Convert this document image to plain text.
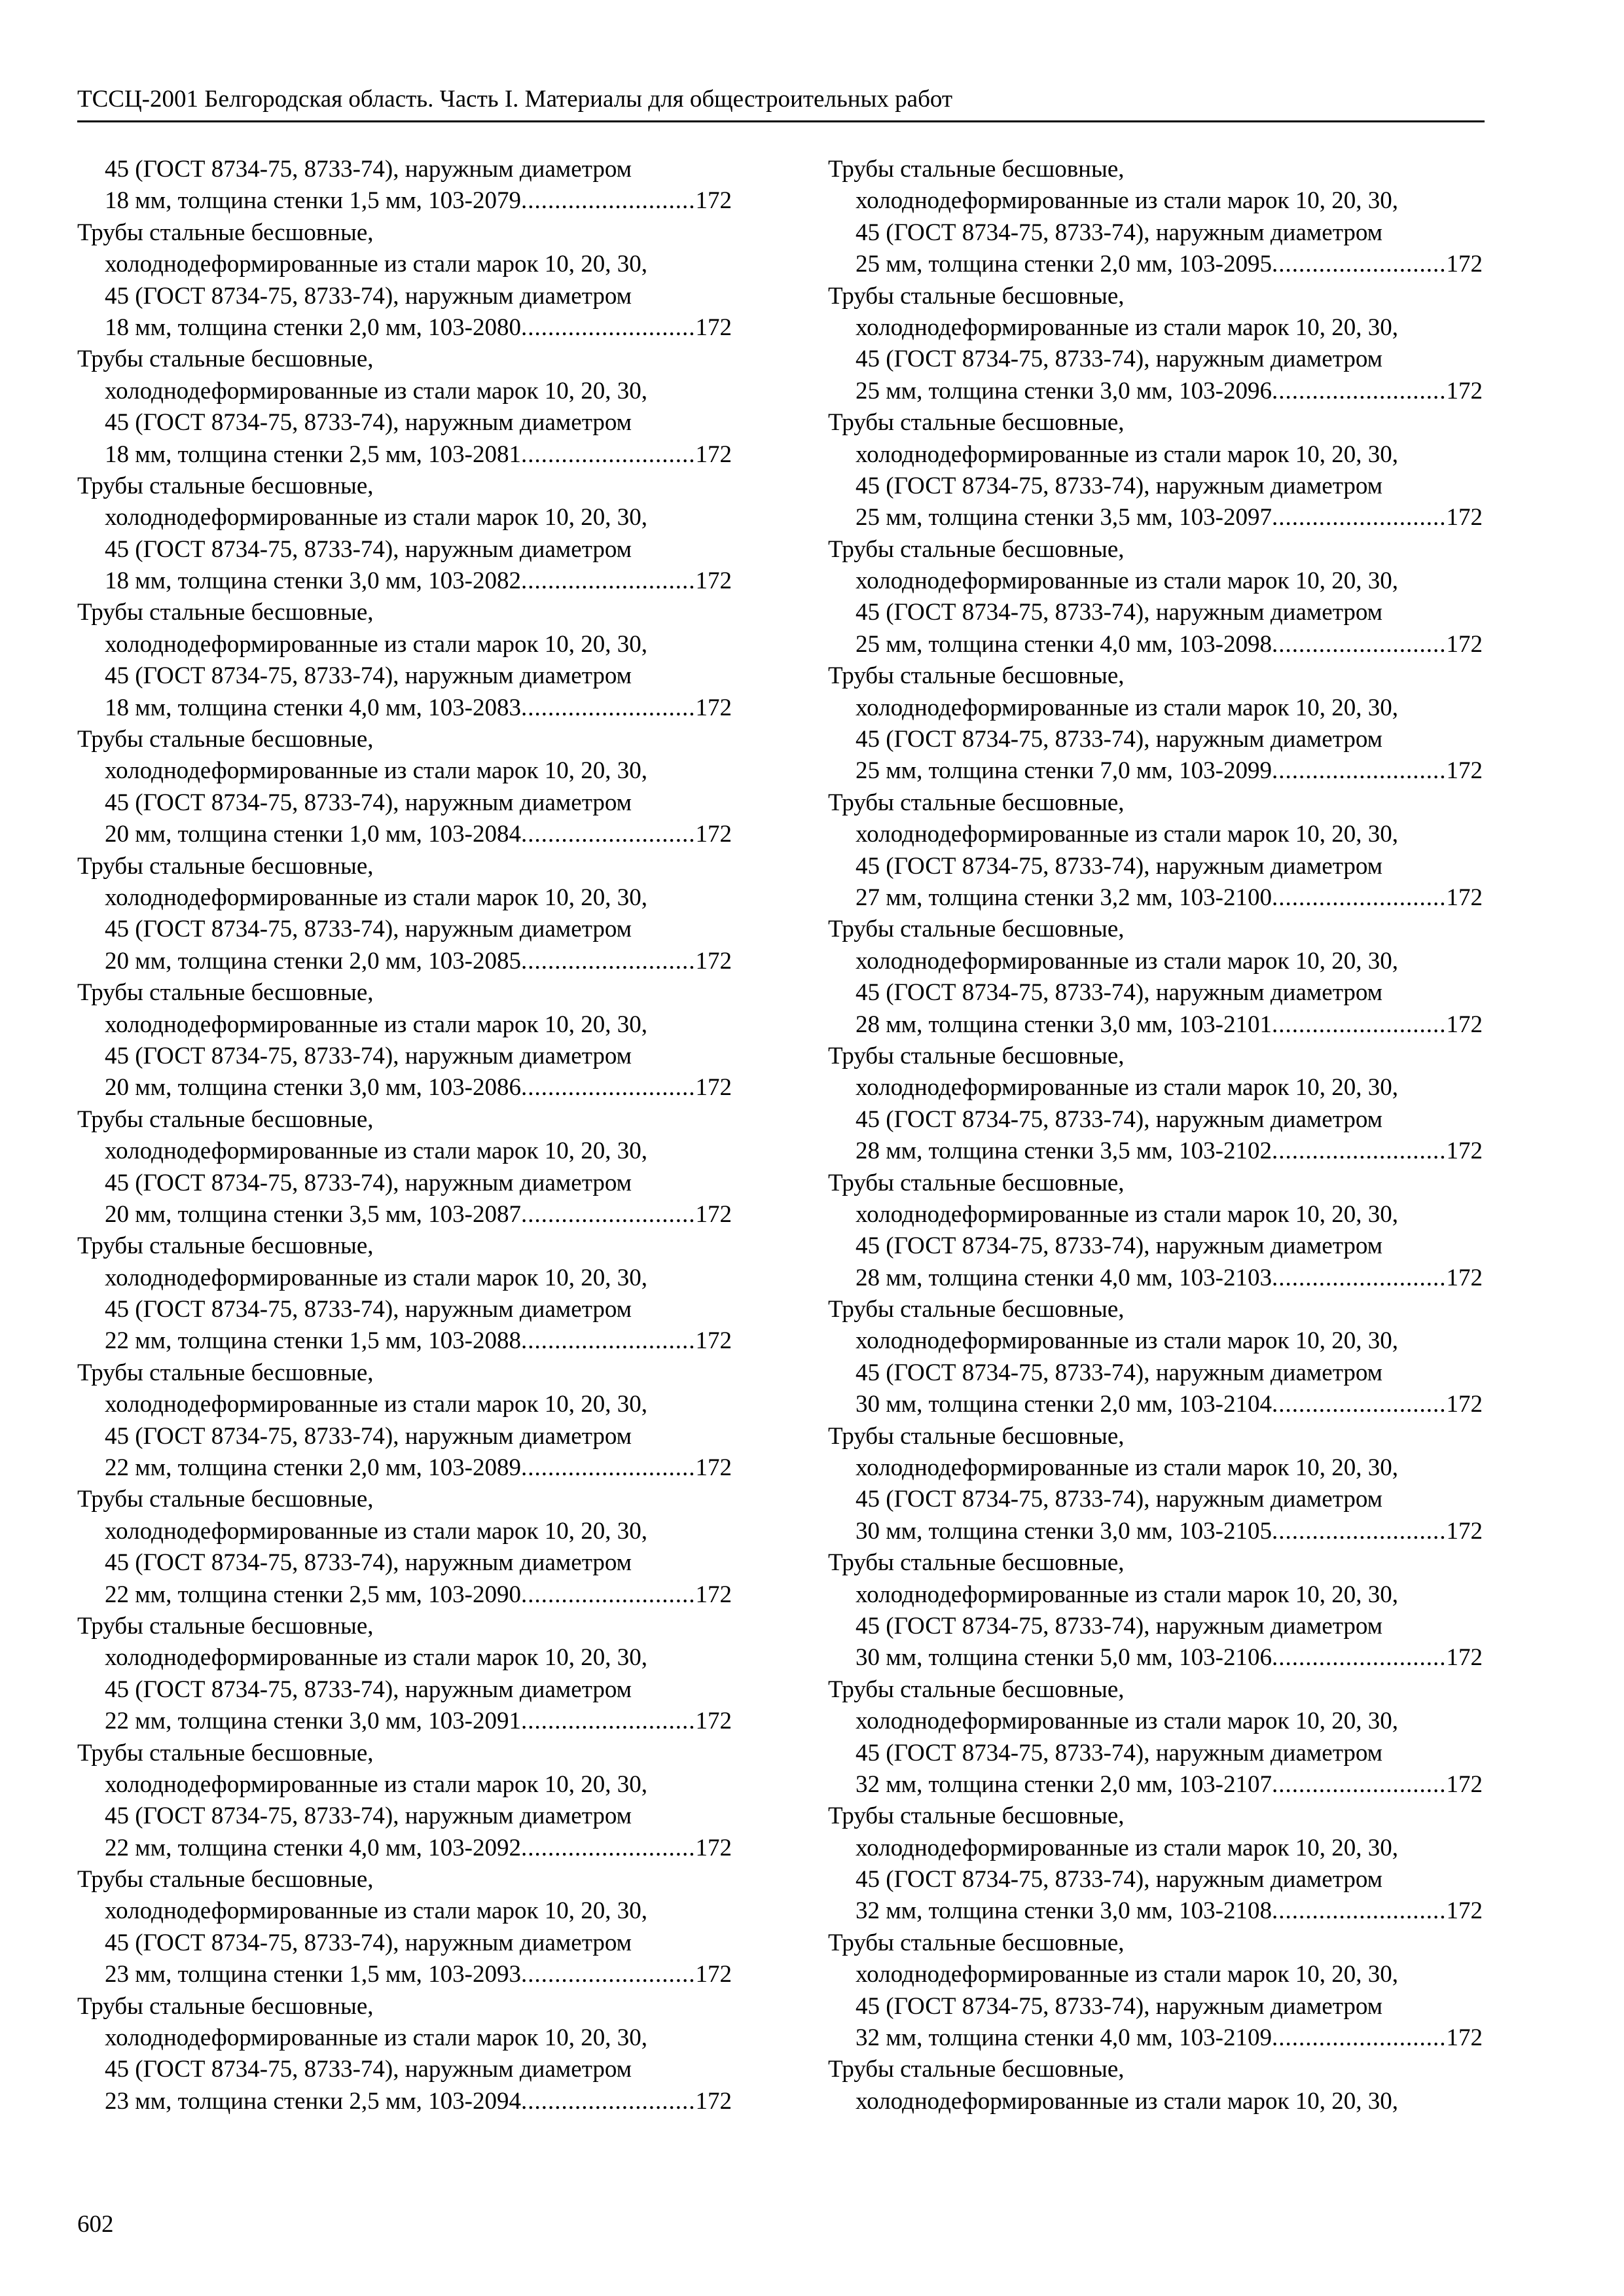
ТССЦ-2001 Белгородская область. Часть I. Материалы для общестроительных работ
45 (ГОСТ 8734-75, 8733-74), наружным диаметром
18 мм, толщина стенки 1,5 мм, 103-2079 .....	172
Трубы стальные бесшовные,
холоднодеформированные из стали марок 10, 20, 30,
45 (ГОСТ 8734-75, 8733-74), наружным диаметром
18 мм, толщина стенки 2,0 мм, 103-2080 .....	172
Трубы стальные бесшовные,
холоднодеформированные из стали марок 10, 20, 30,
45 (ГОСТ 8734-75, 8733-74), наружным диаметром
18 мм, толщина стенки 2,5 мм, 103-2081 .....	172
Трубы стальные бесшовные,
холоднодеформированные из стали марок 10, 20, 30,
45 (ГОСТ 8734-75, 8733-74), наружным диаметром
18 мм, толщина стенки 3,0 мм, 103-2082 .....	172
Трубы стальные бесшовные,
холоднодеформированные из стали марок 10, 20, 30,
45 (ГОСТ 8734-75, 8733-74), наружным диаметром
18 мм, толщина стенки 4,0 мм, 103-2083 .....	172
Трубы стальные бесшовные,
холоднодеформированные из стали марок 10, 20, 30,
45 (ГОСТ 8734-75, 8733-74), наружным диаметром
20 мм, толщина стенки 1,0 мм, 103-2084 .....	172
Трубы стальные бесшовные,
холоднодеформированные из стали марок 10, 20, 30,
45 (ГОСТ 8734-75, 8733-74), наружным диаметром
20 мм, толщина стенки 2,0 мм, 103-2085 .....	172
Трубы стальные бесшовные,
холоднодеформированные из стали марок 10, 20, 30,
45 (ГОСТ 8734-75, 8733-74), наружным диаметром
20 мм, толщина стенки 3,0 мм, 103-2086 .....	172
Трубы стальные бесшовные,
холоднодеформированные из стали марок 10, 20, 30,
45 (ГОСТ 8734-75, 8733-74), наружным диаметром
20 мм, толщина стенки 3,5 мм, 103-2087 .....	172
Трубы стальные бесшовные,
холоднодеформированные из стали марок 10, 20, 30,
45 (ГОСТ 8734-75, 8733-74), наружным диаметром
22 мм, толщина стенки 1,5 мм, 103-2088 .....	172
Трубы стальные бесшовные,
холоднодеформированные из стали марок 10, 20, 30,
45 (ГОСТ 8734-75, 8733-74), наружным диаметром
22 мм, толщина стенки 2,0 мм, 103-2089 .....	172
Трубы стальные бесшовные,
холоднодеформированные из стали марок 10, 20, 30,
45 (ГОСТ 8734-75, 8733-74), наружным диаметром
22 мм, толщина стенки 2,5 мм, 103-2090 .....	172
Трубы стальные бесшовные,
холоднодеформированные из стали марок 10, 20, 30,
45 (ГОСТ 8734-75, 8733-74), наружным диаметром
22 мм, толщина стенки 3,0 мм, 103-2091 .....	172
Трубы стальные бесшовные,
холоднодеформированные из стали марок 10, 20, 30,
45 (ГОСТ 8734-75, 8733-74), наружным диаметром
22 мм, толщина стенки 4,0 мм, 103-2092 .....	172
Трубы стальные бесшовные,
холоднодеформированные из стали марок 10, 20, 30,
45 (ГОСТ 8734-75, 8733-74), наружным диаметром
23 мм, толщина стенки 1,5 мм, 103-2093 .....	172
Трубы стальные бесшовные,
холоднодеформированные из стали марок 10, 20, 30,
45 (ГОСТ 8734-75, 8733-74), наружным диаметром
23 мм, толщина стенки 2,5 мм, 103-2094 .....	172
Трубы стальные бесшовные,
холоднодеформированные из стали марок 10, 20, 30,
45 (ГОСТ 8734-75, 8733-74), наружным диаметром
25 мм, толщина стенки 2,0 мм, 103-2095 .....	172
Трубы стальные бесшовные,
холоднодеформированные из стали марок 10, 20, 30,
45 (ГОСТ 8734-75, 8733-74), наружным диаметром
25 мм, толщина стенки 3,0 мм, 103-2096 .....	172
Трубы стальные бесшовные,
холоднодеформированные из стали марок 10, 20, 30,
45 (ГОСТ 8734-75, 8733-74), наружным диаметром
25 мм, толщина стенки 3,5 мм, 103-2097 .....	172
Трубы стальные бесшовные,
холоднодеформированные из стали марок 10, 20, 30,
45 (ГОСТ 8734-75, 8733-74), наружным диаметром
25 мм, толщина стенки 4,0 мм, 103-2098 .....	172
Трубы стальные бесшовные,
холоднодеформированные из стали марок 10, 20, 30,
45 (ГОСТ 8734-75, 8733-74), наружным диаметром
25 мм, толщина стенки 7,0 мм, 103-2099 .....	172
Трубы стальные бесшовные,
холоднодеформированные из стали марок 10, 20, 30,
45 (ГОСТ 8734-75, 8733-74), наружным диаметром
27 мм, толщина стенки 3,2 мм, 103-2100 .....	172
Трубы стальные бесшовные,
холоднодеформированные из стали марок 10, 20, 30,
45 (ГОСТ 8734-75, 8733-74), наружным диаметром
28 мм, толщина стенки 3,0 мм, 103-2101 .....	172
Трубы стальные бесшовные,
холоднодеформированные из стали марок 10, 20, 30,
45 (ГОСТ 8734-75, 8733-74), наружным диаметром
28 мм, толщина стенки 3,5 мм, 103-2102 .....	172
Трубы стальные бесшовные,
холоднодеформированные из стали марок 10, 20, 30,
45 (ГОСТ 8734-75, 8733-74), наружным диаметром
28 мм, толщина стенки 4,0 мм, 103-2103 .....	172
Трубы стальные бесшовные,
холоднодеформированные из стали марок 10, 20, 30,
45 (ГОСТ 8734-75, 8733-74), наружным диаметром
30 мм, толщина стенки 2,0 мм, 103-2104 .....	172
Трубы стальные бесшовные,
холоднодеформированные из стали марок 10, 20, 30,
45 (ГОСТ 8734-75, 8733-74), наружным диаметром
30 мм, толщина стенки 3,0 мм, 103-2105 .....	172
Трубы стальные бесшовные,
холоднодеформированные из стали марок 10, 20, 30,
45 (ГОСТ 8734-75, 8733-74), наружным диаметром
30 мм, толщина стенки 5,0 мм, 103-2106 .....	172
Трубы стальные бесшовные,
холоднодеформированные из стали марок 10, 20, 30,
45 (ГОСТ 8734-75, 8733-74), наружным диаметром
32 мм, толщина стенки 2,0 мм, 103-2107 .....	172
Трубы стальные бесшовные,
холоднодеформированные из стали марок 10, 20, 30,
45 (ГОСТ 8734-75, 8733-74), наружным диаметром
32 мм, толщина стенки 3,0 мм, 103-2108 .....	172
Трубы стальные бесшовные,
холоднодеформированные из стали марок 10, 20, 30,
45 (ГОСТ 8734-75, 8733-74), наружным диаметром
32 мм, толщина стенки 4,0 мм, 103-2109 .....	172
Трубы стальные бесшовные,
холоднодеформированные из стали марок 10, 20, 30,
602
